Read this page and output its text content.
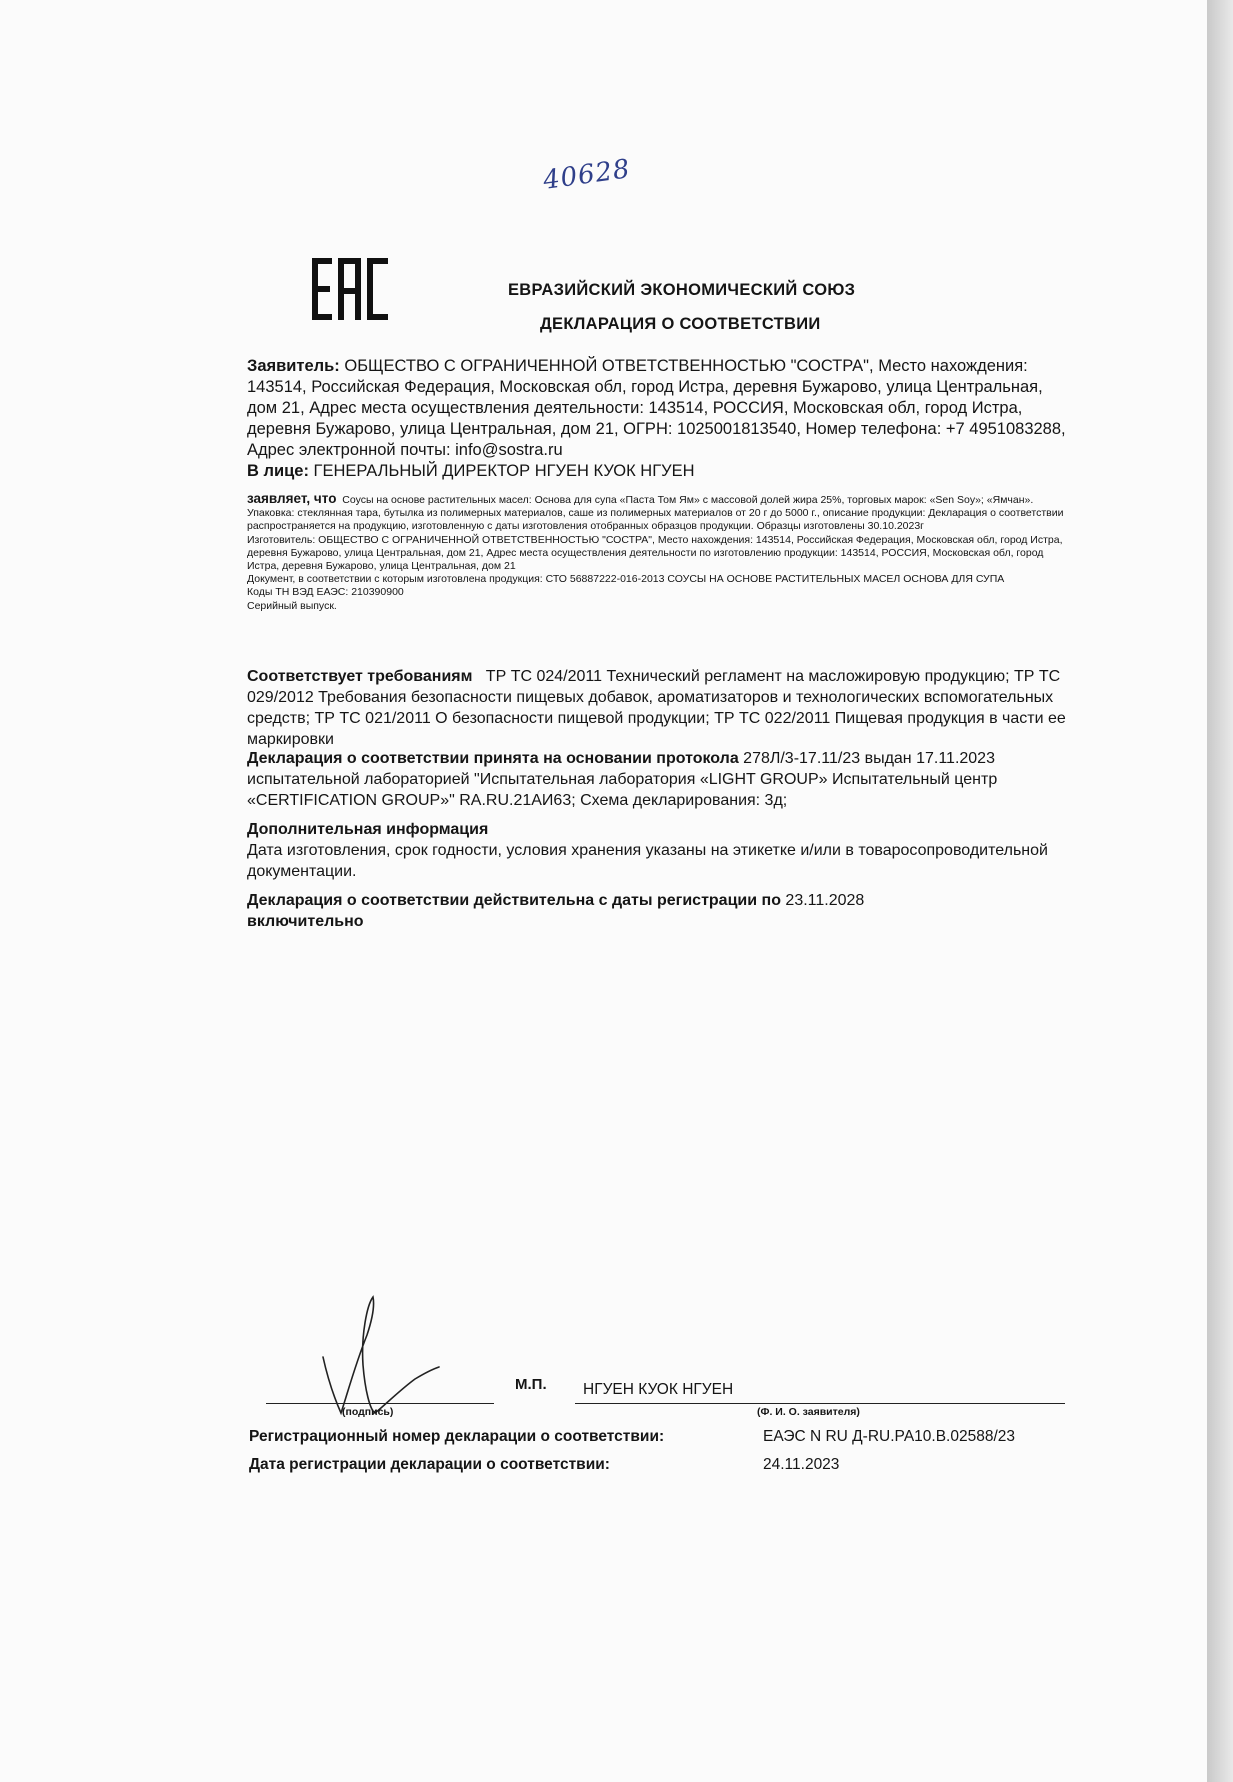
40628
ЕВРАЗИЙСКИЙ ЭКОНОМИЧЕСКИЙ СОЮЗ
ДЕКЛАРАЦИЯ О СООТВЕТСТВИИ
Заявитель: ОБЩЕСТВО С ОГРАНИЧЕННОЙ ОТВЕТСТВЕННОСТЬЮ "СОСТРА", Место нахождения: 143514, Российская Федерация, Московская обл, город Истра, деревня Бужарово, улица Центральная, дом 21, Адрес места осуществления деятельности: 143514, РОССИЯ, Московская обл, город Истра, деревня Бужарово, улица Центральная, дом 21, ОГРН: 1025001813540, Номер телефона: +7 4951083288, Адрес электронной почты: info@sostra.ru
В лице: ГЕНЕРАЛЬНЫЙ ДИРЕКТОР НГУЕН КУОК НГУЕН
заявляет, что Соусы на основе растительных масел: Основа для супа «Паста Том Ям» с массовой долей жира 25%, торговых марок: «Sen Soy»; «Ямчан». Упаковка: стеклянная тара, бутылка из полимерных материалов, саше из полимерных материалов от 20 г до 5000 г., описание продукции: Декларация о соответствии распространяется на продукцию, изготовленную с даты изготовления отобранных образцов продукции. Образцы изготовлены 30.10.2023г
Изготовитель: ОБЩЕСТВО С ОГРАНИЧЕННОЙ ОТВЕТСТВЕННОСТЬЮ "СОСТРА", Место нахождения: 143514, Российская Федерация, Московская обл, город Истра, деревня Бужарово, улица Центральная, дом 21, Адрес места осуществления деятельности по изготовлению продукции: 143514, РОССИЯ, Московская обл, город Истра, деревня Бужарово, улица Центральная, дом 21
Документ, в соответствии с которым изготовлена продукция: СТО 56887222-016-2013 СОУСЫ НА ОСНОВЕ РАСТИТЕЛЬНЫХ МАСЕЛ ОСНОВА ДЛЯ СУПА
Коды ТН ВЭД ЕАЭС: 210390900
Серийный выпуск.
Соответствует требованиям ТР ТС 024/2011 Технический регламент на масложировую продукцию; ТР ТС 029/2012 Требования безопасности пищевых добавок, ароматизаторов и технологических вспомогательных средств; ТР ТС 021/2011 О безопасности пищевой продукции; ТР ТС 022/2011 Пищевая продукция в части ее маркировки
Декларация о соответствии принята на основании протокола 278Л/3-17.11/23 выдан 17.11.2023 испытательной лабораторией "Испытательная лаборатория «LIGHT GROUP» Испытательный центр «CERTIFICATION GROUP»" RA.RU.21АИ63; Схема декларирования: 3д;
Дополнительная информация
Дата изготовления, срок годности, условия хранения указаны на этикетке и/или в товаросопроводительной документации.
Декларация о соответствии действительна с даты регистрации по 23.11.2028
включительно
(подпись)
М.П. НГУЕН КУОК НГУЕН
(Ф. И. О. заявителя)
Регистрационный номер декларации о соответствии:	ЕАЭС N RU Д-RU.РА10.В.02588/23
Дата регистрации декларации о соответствии:	24.11.2023
